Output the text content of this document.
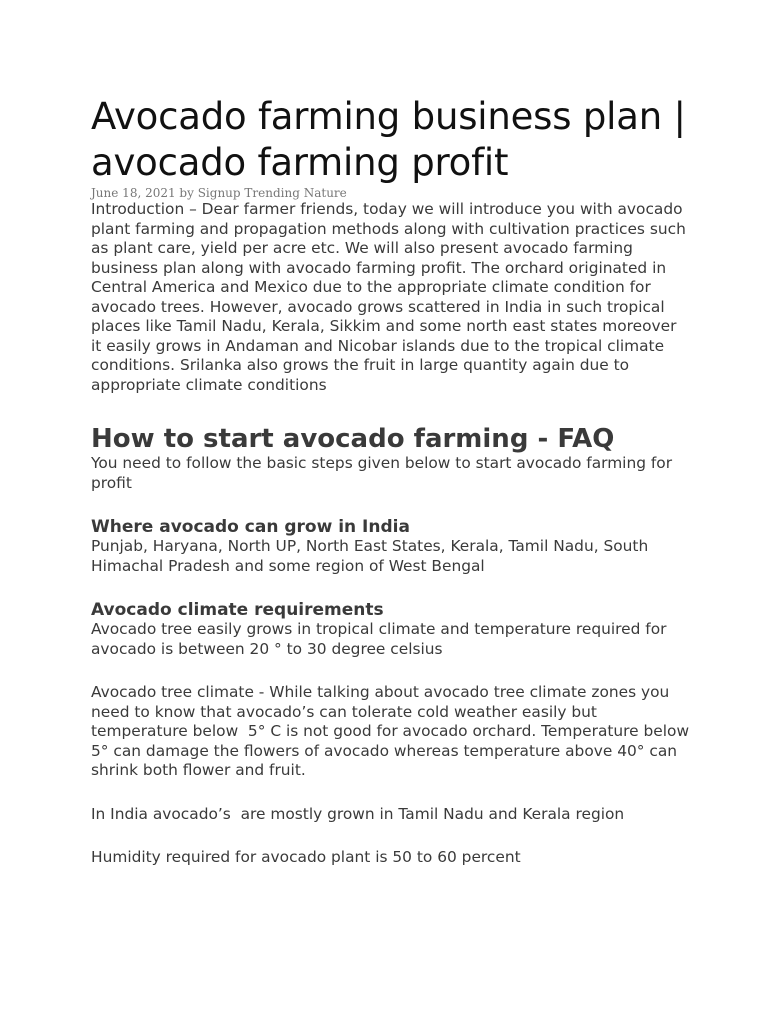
Avocado farming business plan | avocado farming profit

June 18, 2021 by Signup Trending Nature

Introduction – Dear farmer friends, today we will introduce you with avocado plant farming and propagation methods along with cultivation practices such as plant care, yield per acre etc. We will also present avocado farming business plan along with avocado farming profit. The orchard originated in Central America and Mexico due to the appropriate climate condition for avocado trees. However, avocado grows scattered in India in such tropical places like Tamil Nadu, Kerala, Sikkim and some north east states moreover it easily grows in Andaman and Nicobar islands due to the tropical climate conditions. Srilanka also grows the fruit in large quantity again due to appropriate climate conditions

How to start avocado farming - FAQ

You need to follow the basic steps given below to start avocado farming for profit

Where avocado can grow in India

Punjab, Haryana, North UP, North East States, Kerala, Tamil Nadu, South Himachal Pradesh and some region of West Bengal

Avocado climate requirements

Avocado tree easily grows in tropical climate and temperature required for avocado is between 20 ° to 30 degree celsius

Avocado tree climate - While talking about avocado tree climate zones you need to know that avocado’s can tolerate cold weather easily but temperature below  5° C is not good for avocado orchard. Temperature below 5° can damage the flowers of avocado whereas temperature above 40° can shrink both flower and fruit.

In India avocado’s  are mostly grown in Tamil Nadu and Kerala region

Humidity required for avocado plant is 50 to 60 percent
